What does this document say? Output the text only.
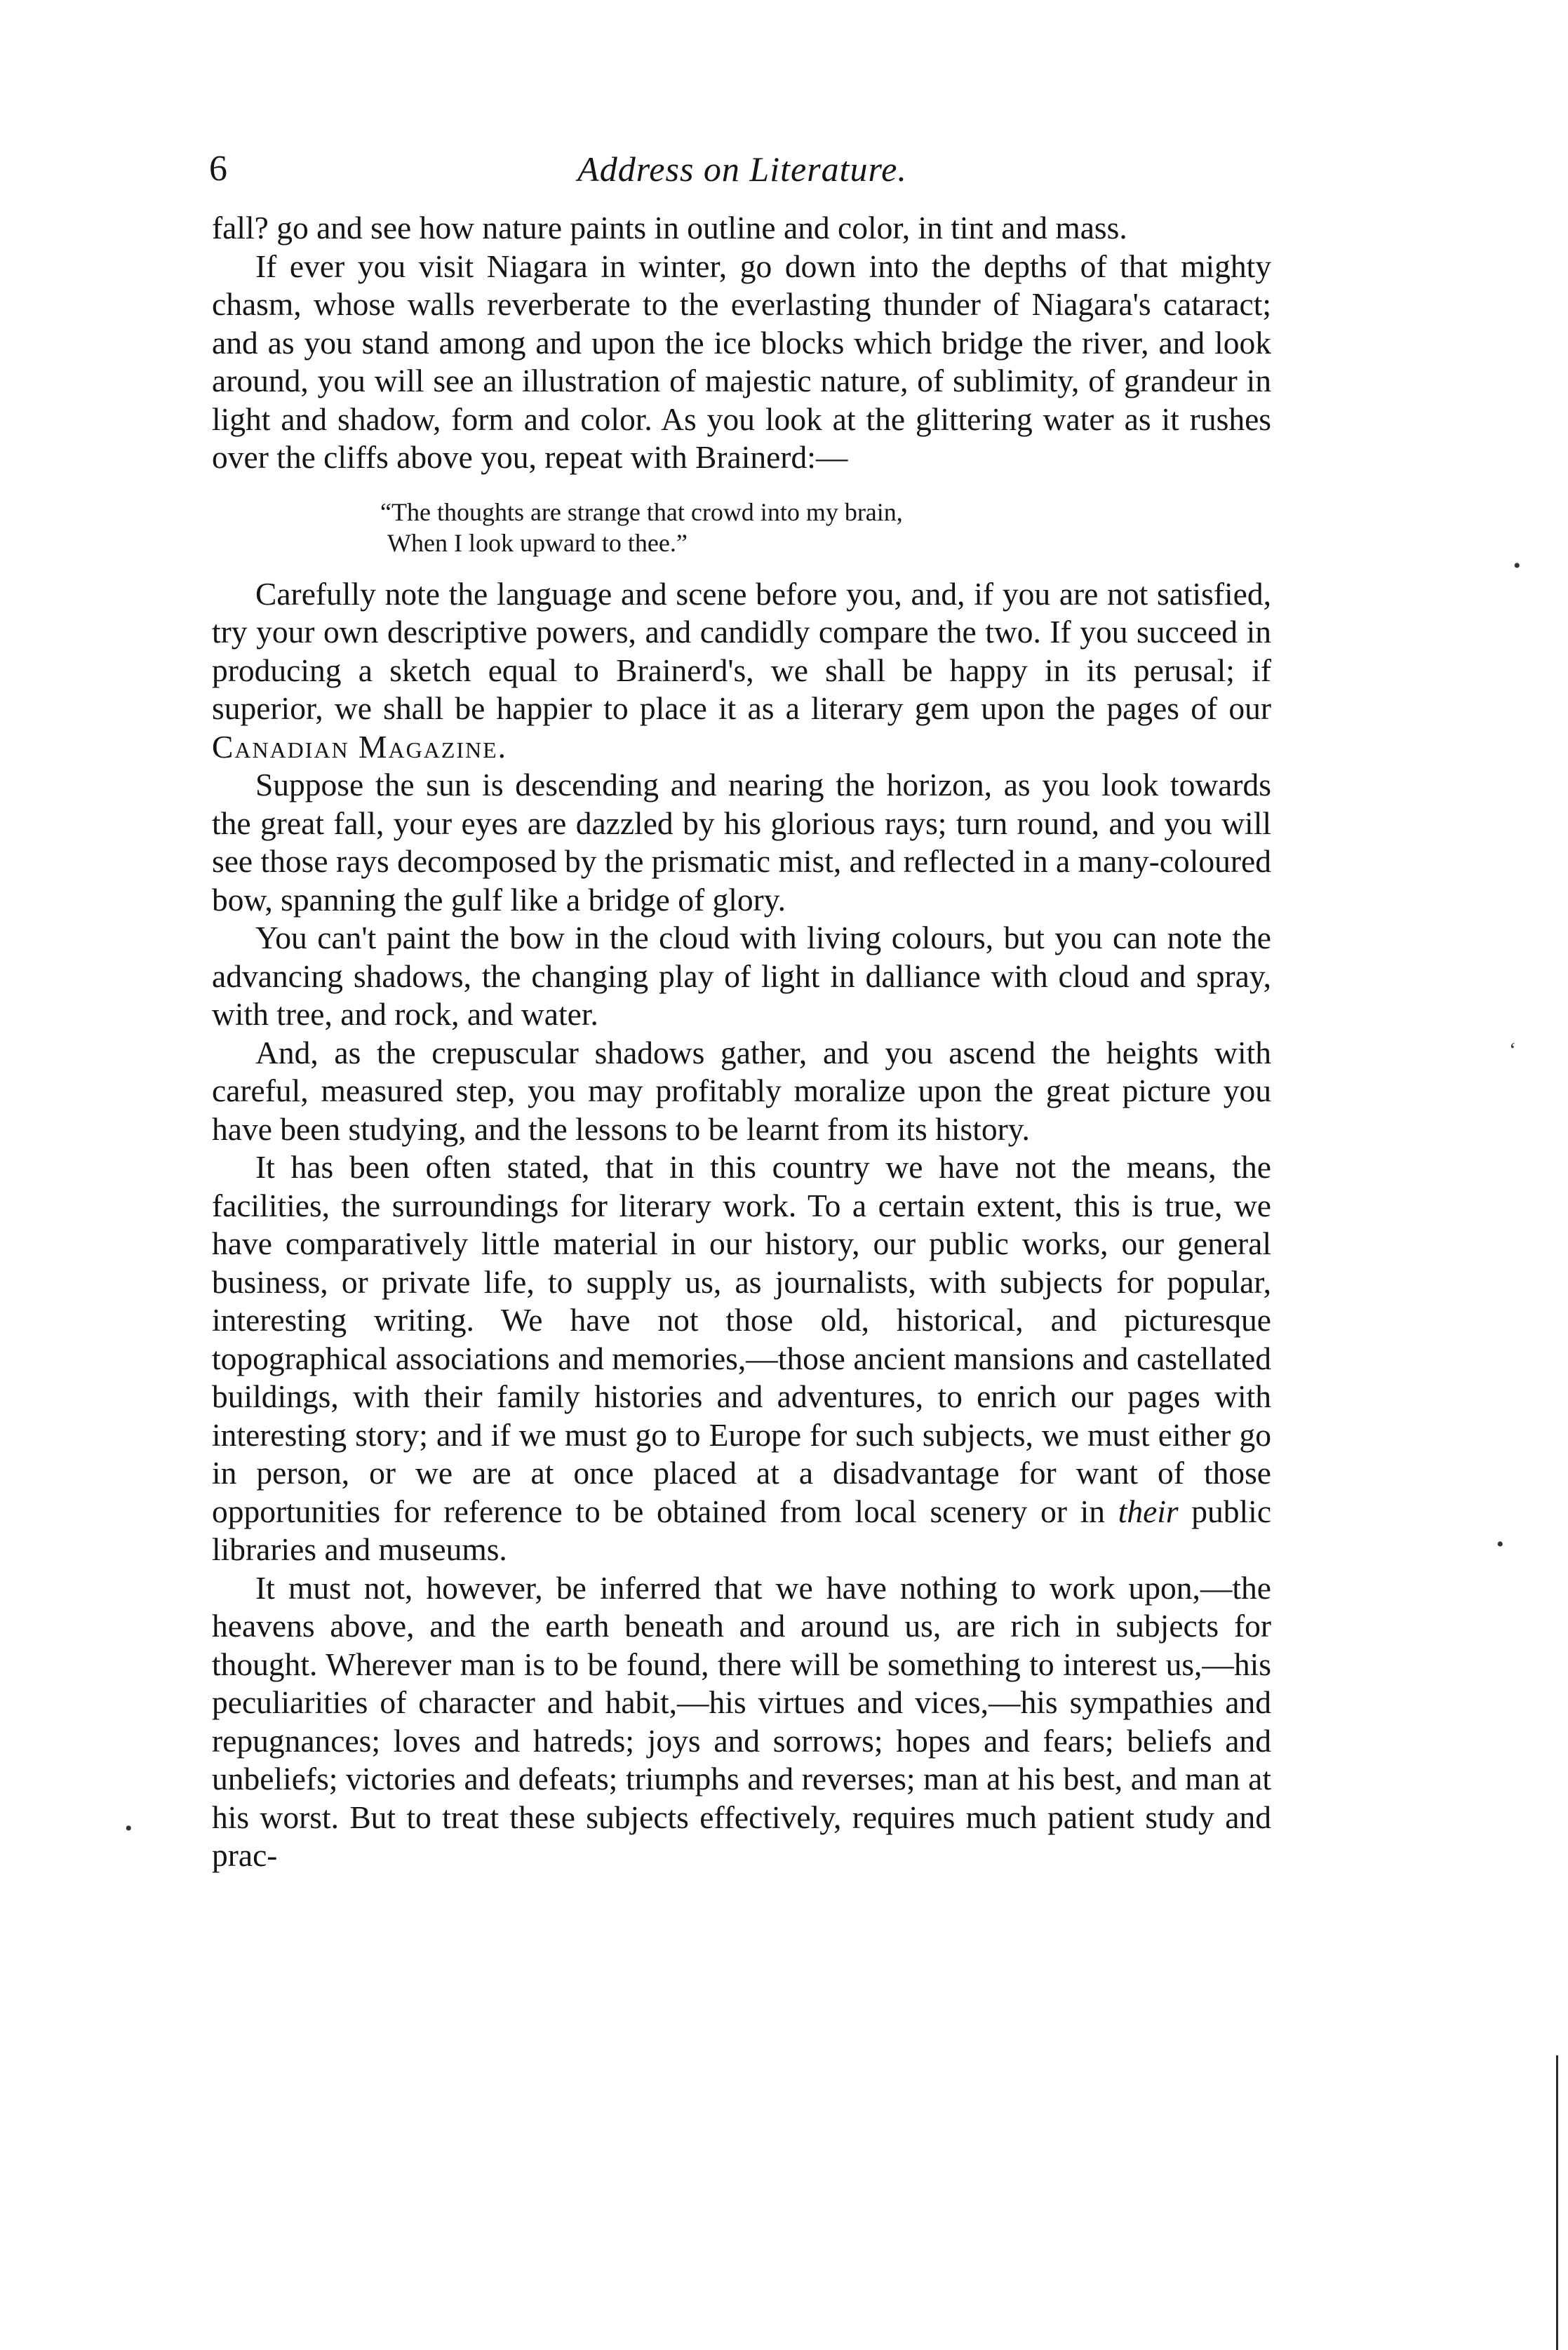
6	Address on Literature.

fall? go and see how nature paints in outline and color, in tint and mass.

If ever you visit Niagara in winter, go down into the depths of that mighty chasm, whose walls reverberate to the everlasting thunder of Niagara's cataract; and as you stand among and upon the ice blocks which bridge the river, and look around, you will see an illustration of majestic nature, of sublimity, of grandeur in light and shadow, form and color. As you look at the glittering water as it rushes over the cliffs above you, repeat with Brainerd:—

“The thoughts are strange that crowd into my brain,
When I look upward to thee.”

Carefully note the language and scene before you, and, if you are not satisfied, try your own descriptive powers, and candidly compare the two. If you succeed in producing a sketch equal to Brainerd's, we shall be happy in its perusal; if superior, we shall be happier to place it as a literary gem upon the pages of our Canadian Magazine.

Suppose the sun is descending and nearing the horizon, as you look towards the great fall, your eyes are dazzled by his glorious rays; turn round, and you will see those rays decomposed by the prismatic mist, and reflected in a many-coloured bow, spanning the gulf like a bridge of glory.

You can't paint the bow in the cloud with living colours, but you can note the advancing shadows, the changing play of light in dalliance with cloud and spray, with tree, and rock, and water.

And, as the crepuscular shadows gather, and you ascend the heights with careful, measured step, you may profitably moralize upon the great picture you have been studying, and the lessons to be learnt from its history.

It has been often stated, that in this country we have not the means, the facilities, the surroundings for literary work. To a certain extent, this is true, we have comparatively little material in our history, our public works, our general business, or private life, to supply us, as journalists, with subjects for popular, interesting writing. We have not those old, historical, and picturesque topographical associations and memories,—those ancient mansions and castellated buildings, with their family histories and adventures, to enrich our pages with interesting story; and if we must go to Europe for such subjects, we must either go in person, or we are at once placed at a disadvantage for want of those opportunities for reference to be obtained from local scenery or in their public libraries and museums.

It must not, however, be inferred that we have nothing to work upon,—the heavens above, and the earth beneath and around us, are rich in subjects for thought. Wherever man is to be found, there will be something to interest us,—his peculiarities of character and habit,—his virtues and vices,—his sympathies and repugnances; loves and hatreds; joys and sorrows; hopes and fears; beliefs and unbeliefs; victories and defeats; triumphs and reverses; man at his best, and man at his worst. But to treat these subjects effectively, requires much patient study and prac-

•
‘
•
•
